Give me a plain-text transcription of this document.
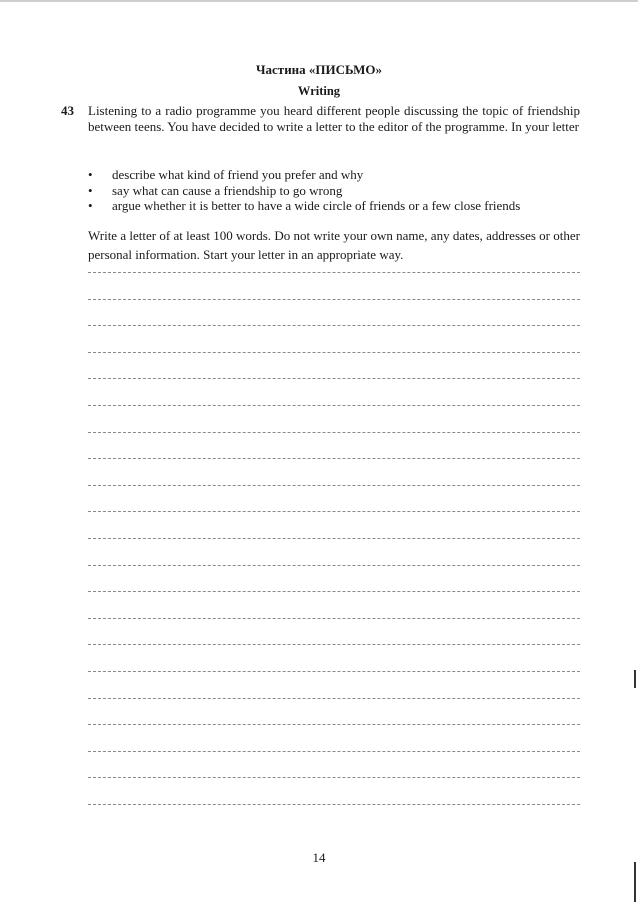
Частина «ПИСЬМО»
Writing
43 Listening to a radio programme you heard different people discussing the topic of friendship between teens. You have decided to write a letter to the editor of the programme. In your letter
• describe what kind of friend you prefer and why
• say what can cause a friendship to go wrong
• argue whether it is better to have a wide circle of friends or a few close friends
Write a letter of at least 100 words. Do not write your own name, any dates, addresses or other personal information. Start your letter in an appropriate way.
14
